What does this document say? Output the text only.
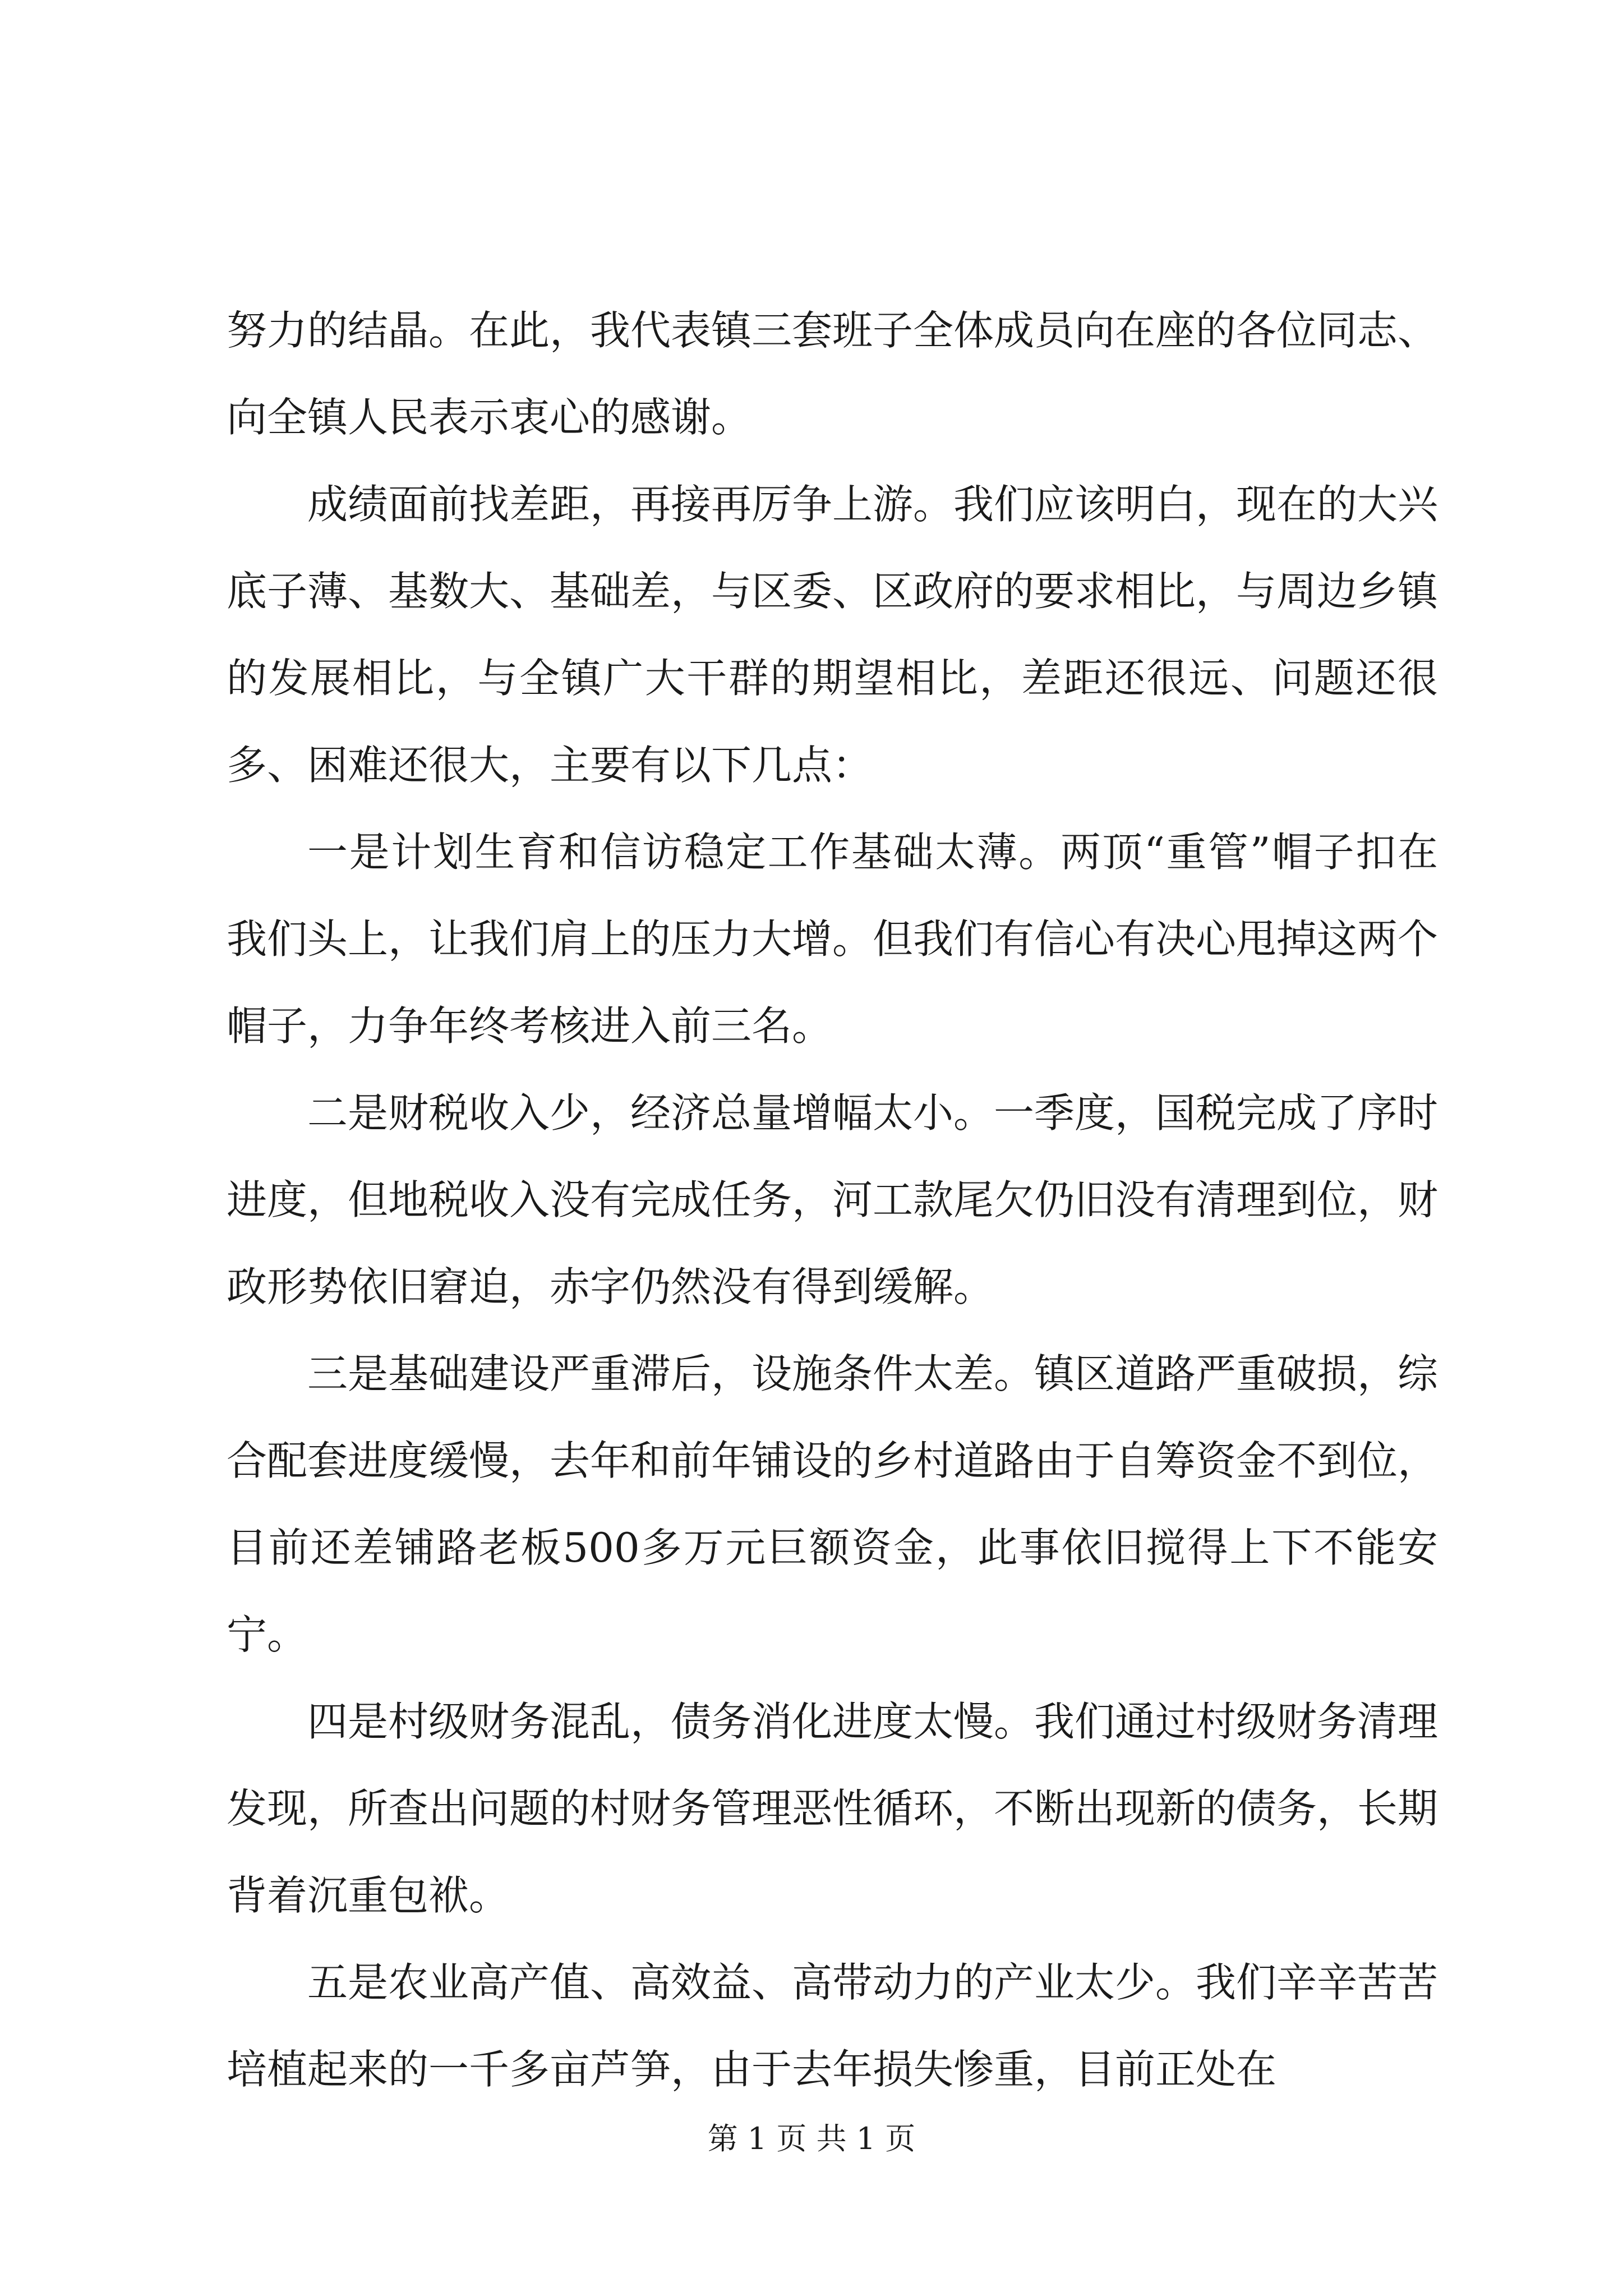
努力的结晶。在此，我代表镇三套班子全体成员向在座的各位同志、向全镇人民表示衷心的感谢。

成绩面前找差距，再接再厉争上游。我们应该明白，现在的大兴底子薄、基数大、基础差，与区委、区政府的要求相比，与周边乡镇的发展相比，与全镇广大干群的期望相比，差距还很远、问题还很多、困难还很大，主要有以下几点：

一是计划生育和信访稳定工作基础太薄。两顶“重管”帽子扣在我们头上，让我们肩上的压力大增。但我们有信心有决心甩掉这两个帽子，力争年终考核进入前三名。

二是财税收入少，经济总量增幅太小。一季度，国税完成了序时进度，但地税收入没有完成任务，河工款尾欠仍旧没有清理到位，财政形势依旧窘迫，赤字仍然没有得到缓解。

三是基础建设严重滞后，设施条件太差。镇区道路严重破损，综合配套进度缓慢，去年和前年铺设的乡村道路由于自筹资金不到位，目前还差铺路老板500多万元巨额资金，此事依旧搅得上下不能安宁。

四是村级财务混乱，债务消化进度太慢。我们通过村级财务清理发现，所查出问题的村财务管理恶性循环，不断出现新的债务，长期背着沉重包袱。

五是农业高产值、高效益、高带动力的产业太少。我们辛辛苦苦培植起来的一千多亩芦笋，由于去年损失惨重，目前正处在

第 1 页 共 1 页
